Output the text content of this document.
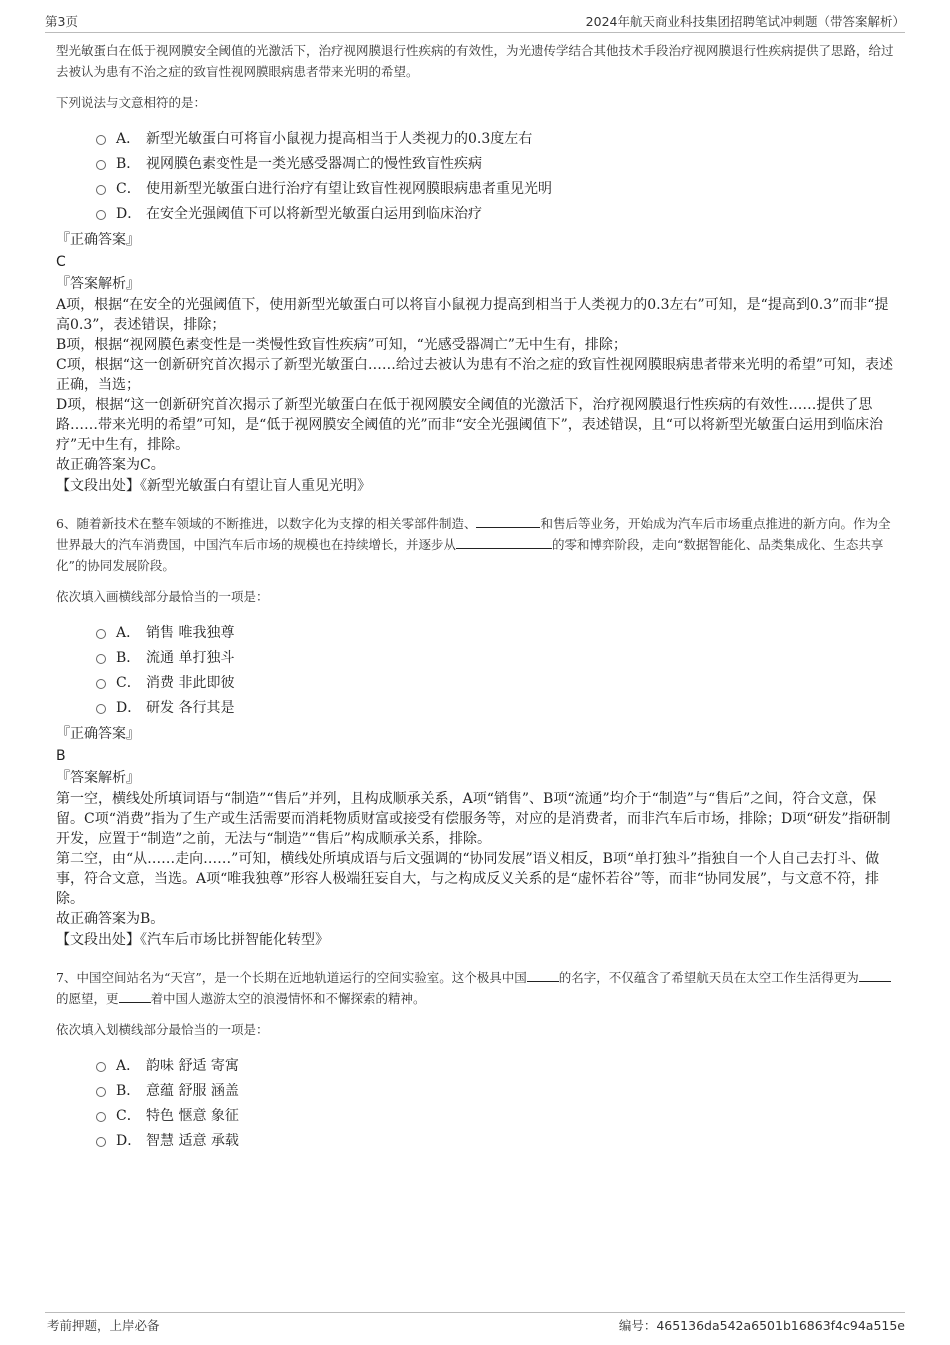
第3页	2024年航天商业科技集团招聘笔试冲刺题（带答案解析）

型光敏蛋白在低于视网膜安全阈值的光激活下，治疗视网膜退行性疾病的有效性，为光遗传学结合其他技术手段治疗视网膜退行性疾病提供了思路，给过去被认为患有不治之症的致盲性视网膜眼病患者带来光明的希望。

下列说法与文意相符的是：

A． 新型光敏蛋白可将盲小鼠视力提高相当于人类视力的0.3度左右
B． 视网膜色素变性是一类光感受器凋亡的慢性致盲性疾病
C． 使用新型光敏蛋白进行治疗有望让致盲性视网膜眼病患者重见光明
D． 在安全光强阈值下可以将新型光敏蛋白运用到临床治疗

『正确答案』

C

『答案解析』

A项，根据“在安全的光强阈值下，使用新型光敏蛋白可以将盲小鼠视力提高到相当于人类视力的0.3左右”可知，是“提高到0.3”而非“提高0.3”，表述错误，排除；

B项，根据“视网膜色素变性是一类慢性致盲性疾病”可知，“光感受器凋亡”无中生有，排除；

C项，根据“这一创新研究首次揭示了新型光敏蛋白……给过去被认为患有不治之症的致盲性视网膜眼病患者带来光明的希望”可知，表述正确，当选；

D项，根据“这一创新研究首次揭示了新型光敏蛋白在低于视网膜安全阈值的光激活下，治疗视网膜退行性疾病的有效性……提供了思路……带来光明的希望”可知，是“低于视网膜安全阈值的光”而非“安全光强阈值下”，表述错误，且“可以将新型光敏蛋白运用到临床治疗”无中生有，排除。

故正确答案为C。

【文段出处】《新型光敏蛋白有望让盲人重见光明》

6、随着新技术在整车领域的不断推进，以数字化为支撑的相关零部件制造、	和售后等业务，开始成为汽车后市场重点推进的新方向。作为全世界最大的汽车消费国，中国汽车后市场的规模也在持续增长，并逐步从	的零和博弈阶段，走向“数据智能化、品类集成化、生态共享化”的协同发展阶段。

依次填入画横线部分最恰当的一项是：

A． 销售 唯我独尊
B． 流通 单打独斗
C． 消费 非此即彼
D． 研发 各行其是

『正确答案』

B

『答案解析』

第一空，横线处所填词语与“制造”“售后”并列，且构成顺承关系，A项“销售”、B项“流通”均介于“制造”与“售后”之间，符合文意，保留。C项“消费”指为了生产或生活需要而消耗物质财富或接受有偿服务等，对应的是消费者，而非汽车后市场，排除；D项“研发”指研制开发，应置于“制造”之前，无法与“制造”“售后”构成顺承关系，排除。

第二空，由“从……走向……”可知，横线处所填成语与后文强调的“协同发展”语义相反，B项“单打独斗”指独自一个人自己去打斗、做事，符合文意，当选。A项“唯我独尊”形容人极端狂妄自大，与之构成反义关系的是“虚怀若谷”等，而非“协同发展”，与文意不符，排除。

故正确答案为B。

【文段出处】《汽车后市场比拼智能化转型》

7、中国空间站名为“天宫”，是一个长期在近地轨道运行的空间实验室。这个极具中国	的名字，不仅蕴含了希望航天员在太空工作生活得更为的愿望，更	着中国人遨游太空的浪漫情怀和不懈探索的精神。

依次填入划横线部分最恰当的一项是：

A． 韵味 舒适 寄寓
B． 意蕴 舒服 涵盖
C． 特色 惬意 象征
D． 智慧 适意 承载
考前押题，上岸必备	编号：465136da542a6501b16863f4c94a515e
